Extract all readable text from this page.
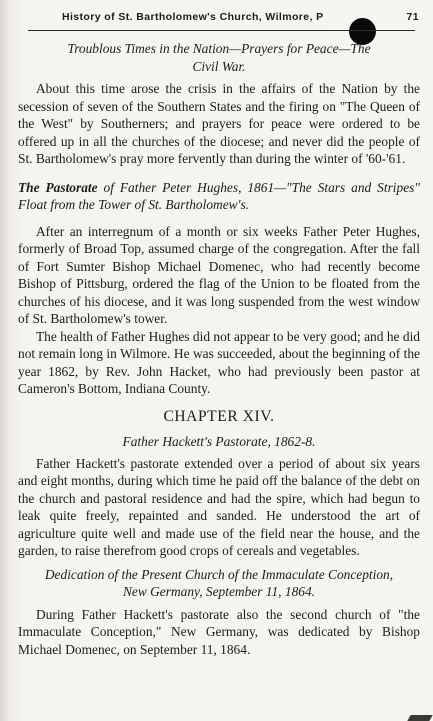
History of St. Bartholomew's Church, Wilmore, P	71
Troublous Times in the Nation—Prayers for Peace—The
Civil War.

About this time arose the crisis in the affairs of the Nation by the secession of seven of the Southern States and the firing on "The Queen of the West" by Southerners; and prayers for peace were ordered to be offered up in all the churches of the diocese; and never did the people of St. Bartholomew's pray more fervently than during the winter of '60-'61.

The Pastorate of Father Peter Hughes, 1861—"The Stars and Stripes" Float from the Tower of St. Bartholomew's.

After an interregnum of a month or six weeks Father Peter Hughes, formerly of Broad Top, assumed charge of the congregation. After the fall of Fort Sumter Bishop Michael Domenec, who had recently become Bishop of Pittsburg, ordered the flag of the Union to be floated from the churches of his diocese, and it was long suspended from the west window of St. Bartholomew's tower.

The health of Father Hughes did not appear to be very good; and he did not remain long in Wilmore. He was succeeded, about the beginning of the year 1862, by Rev. John Hacket, who had previously been pastor at Cameron's Bottom, Indiana County.

CHAPTER XIV.
Father Hackett's Pastorate, 1862-8.

Father Hackett's pastorate extended over a period of about six years and eight months, during which time he paid off the balance of the debt on the church and pastoral residence and had the spire, which had begun to leak quite freely, repainted and sanded. He understood the art of agriculture quite well and made use of the field near the house, and the garden, to raise therefrom good crops of cereals and vegetables.

Dedication of the Present Church of the Immaculate Conception,
New Germany, September 11, 1864.

During Father Hackett's pastorate also the second church of "the Immaculate Conception," New Germany, was dedicated by Bishop Michael Domenec, on September 11, 1864.
